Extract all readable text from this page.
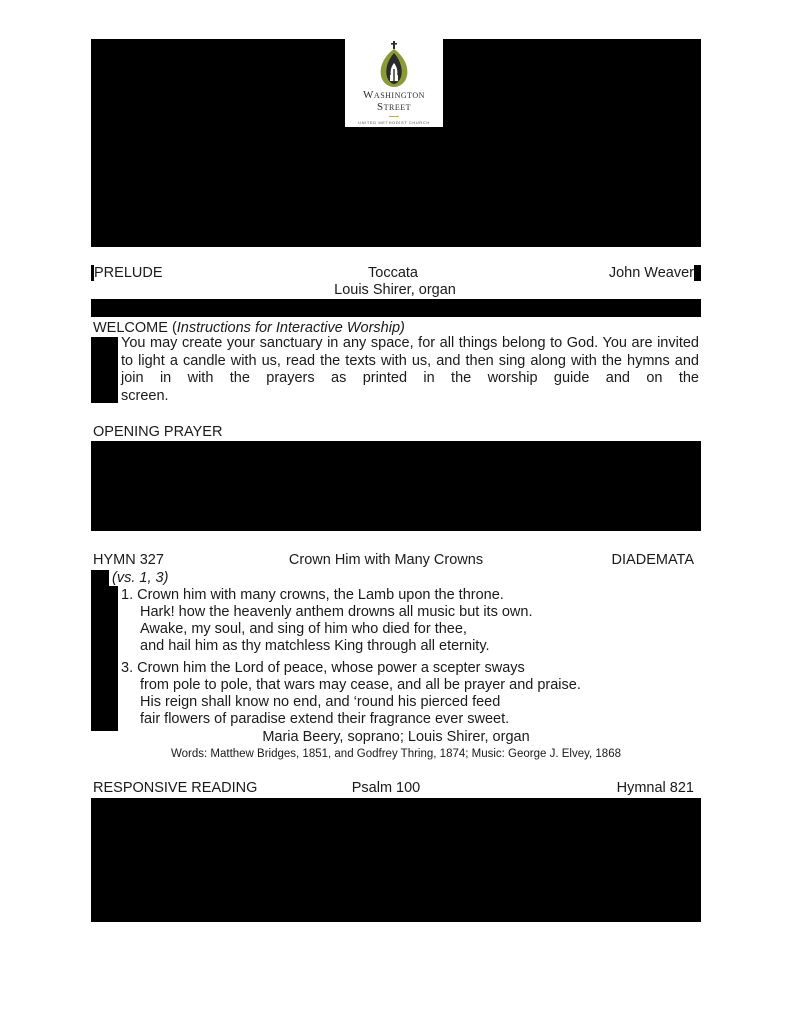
Washington
Street
UNITED METHODIST CHURCH
PRELUDE	Toccata	John Weaver
Louis Shirer, organ
WELCOME (Instructions for Interactive Worship)
You may create your sanctuary in any space, for all things belong to God. You are invited to light a candle with us, read the texts with us, and then sing along with the hymns and join in with the prayers as printed in the worship guide and on the
screen.
OPENING PRAYER
HYMN 327	Crown Him with Many Crowns	DIADEMATA
(vs. 1, 3)
1. Crown him with many crowns, the Lamb upon the throne.
Hark! how the heavenly anthem drowns all music but its own.
Awake, my soul, and sing of him who died for thee,
and hail him as thy matchless King through all eternity.
3. Crown him the Lord of peace, whose power a scepter sways
from pole to pole, that wars may cease, and all be prayer and praise.
His reign shall know no end, and ‘round his pierced feed
fair flowers of paradise extend their fragrance ever sweet.
Maria Beery, soprano; Louis Shirer, organ
Words: Matthew Bridges, 1851, and Godfrey Thring, 1874; Music: George J. Elvey, 1868
RESPONSIVE READING	Psalm 100	Hymnal 821
